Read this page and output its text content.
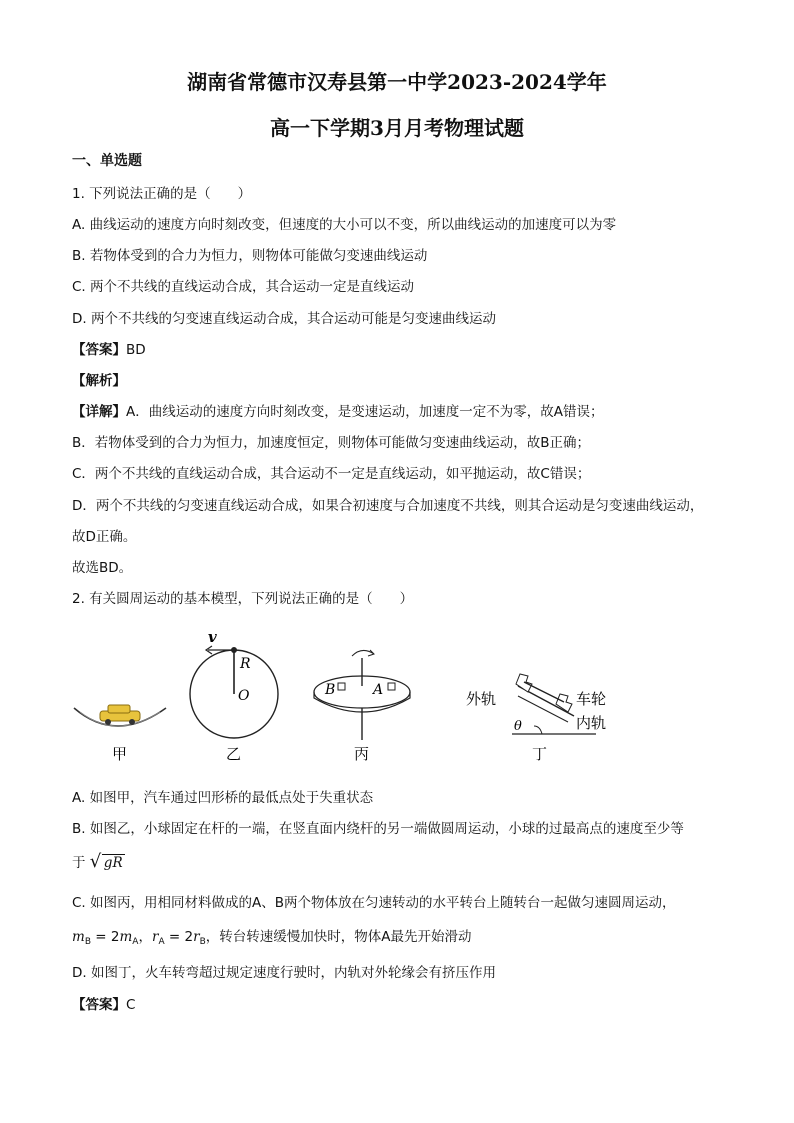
湖南省常德市汉寿县第一中学2023-2024学年
高一下学期3月月考物理试题
一、单选题
1. 下列说法正确的是（　　）
A. 曲线运动的速度方向时刻改变，但速度的大小可以不变，所以曲线运动的加速度可以为零
B. 若物体受到的合力为恒力，则物体可能做匀变速曲线运动
C. 两个不共线的直线运动合成，其合运动一定是直线运动
D. 两个不共线的匀变速直线运动合成，其合运动可能是匀变速曲线运动
【答案】BD
【解析】
【详解】A．曲线运动的速度方向时刻改变，是变速运动，加速度一定不为零，故A错误；
B．若物体受到的合力为恒力，加速度恒定，则物体可能做匀变速曲线运动，故B正确；
C．两个不共线的直线运动合成，其合运动不一定是直线运动，如平抛运动，故C错误；
D．两个不共线的匀变速直线运动合成，如果合初速度与合加速度不共线，则其合运动是匀变速曲线运动，
故D正确。
故选BD。
2. 有关圆周运动的基本模型，下列说法正确的是（　　）
甲
v
R
O
乙
B	A
丙
θ
外轨	车轮
内轨
丁
A. 如图甲，汽车通过凹形桥的最低点处于失重状态
B. 如图乙，小球固定在杆的一端，在竖直面内绕杆的另一端做圆周运动，小球的过最高点的速度至少等
于 √ gR
C. 如图丙，用相同材料做成的A、B两个物体放在匀速转动的水平转台上随转台一起做匀速圆周运动，
$m_B = 2m_A$，$r_A = 2r_B$，转台转速缓慢加快时，物体A最先开始滑动
D. 如图丁，火车转弯超过规定速度行驶时，内轨对外轮缘会有挤压作用
【答案】C
